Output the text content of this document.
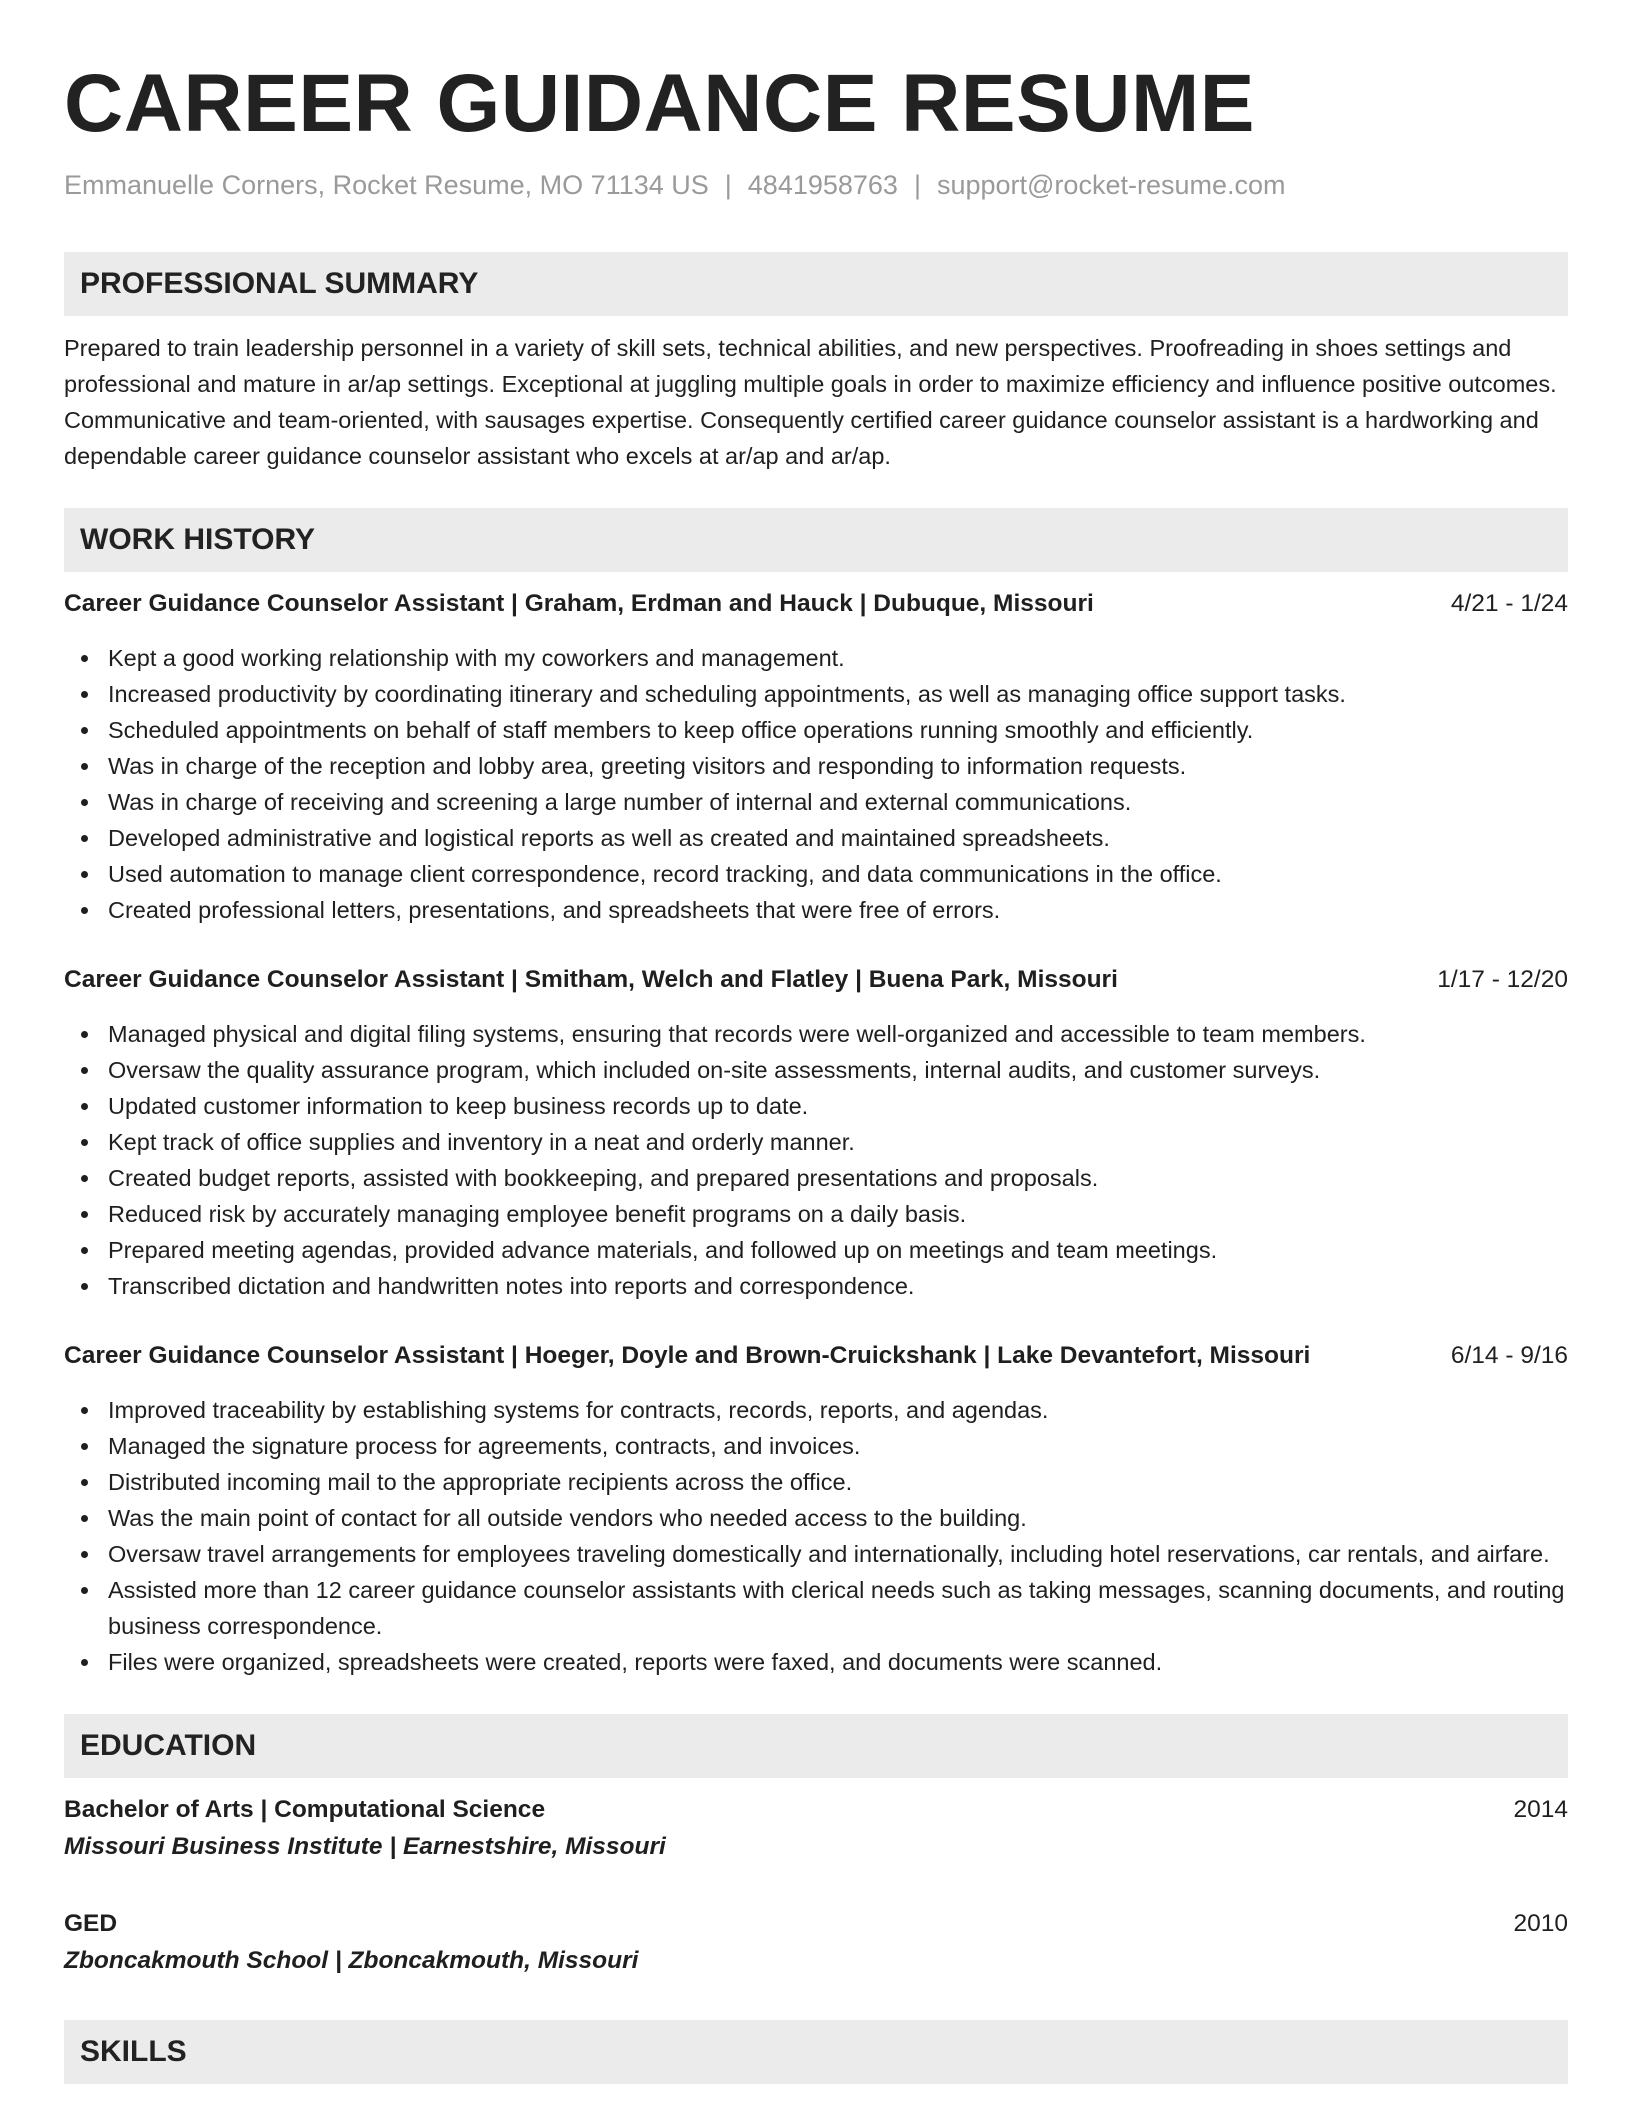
CAREER GUIDANCE RESUME
Emmanuelle Corners, Rocket Resume, MO 71134 US | 4841958763 | support@rocket-resume.com
PROFESSIONAL SUMMARY

Prepared to train leadership personnel in a variety of skill sets, technical abilities, and new perspectives. Proofreading in shoes settings and professional and mature in ar/ap settings. Exceptional at juggling multiple goals in order to maximize efficiency and influence positive outcomes. Communicative and team-oriented, with sausages expertise. Consequently certified career guidance counselor assistant is a hardworking and dependable career guidance counselor assistant who excels at ar/ap and ar/ap.

WORK HISTORY
Career Guidance Counselor Assistant | Graham, Erdman and Hauck | Dubuque, Missouri	4/21 - 1/24
Kept a good working relationship with my coworkers and management.
Increased productivity by coordinating itinerary and scheduling appointments, as well as managing office support tasks.
Scheduled appointments on behalf of staff members to keep office operations running smoothly and efficiently.
Was in charge of the reception and lobby area, greeting visitors and responding to information requests.
Was in charge of receiving and screening a large number of internal and external communications.
Developed administrative and logistical reports as well as created and maintained spreadsheets.
Used automation to manage client correspondence, record tracking, and data communications in the office.
Created professional letters, presentations, and spreadsheets that were free of errors.
Career Guidance Counselor Assistant | Smitham, Welch and Flatley | Buena Park, Missouri	1/17 - 12/20
Managed physical and digital filing systems, ensuring that records were well-organized and accessible to team members.
Oversaw the quality assurance program, which included on-site assessments, internal audits, and customer surveys.
Updated customer information to keep business records up to date.
Kept track of office supplies and inventory in a neat and orderly manner.
Created budget reports, assisted with bookkeeping, and prepared presentations and proposals.
Reduced risk by accurately managing employee benefit programs on a daily basis.
Prepared meeting agendas, provided advance materials, and followed up on meetings and team meetings.
Transcribed dictation and handwritten notes into reports and correspondence.
Career Guidance Counselor Assistant | Hoeger, Doyle and Brown-Cruickshank | Lake Devantefort, Missouri	6/14 - 9/16
Improved traceability by establishing systems for contracts, records, reports, and agendas.
Managed the signature process for agreements, contracts, and invoices.
Distributed incoming mail to the appropriate recipients across the office.
Was the main point of contact for all outside vendors who needed access to the building.
Oversaw travel arrangements for employees traveling domestically and internationally, including hotel reservations, car rentals, and airfare.
Assisted more than 12 career guidance counselor assistants with clerical needs such as taking messages, scanning documents, and routing business correspondence.
Files were organized, spreadsheets were created, reports were faxed, and documents were scanned.
EDUCATION
Bachelor of Arts | Computational Science	2014
Missouri Business Institute | Earnestshire, Missouri
GED	2010
Zboncakmouth School | Zboncakmouth, Missouri
SKILLS
